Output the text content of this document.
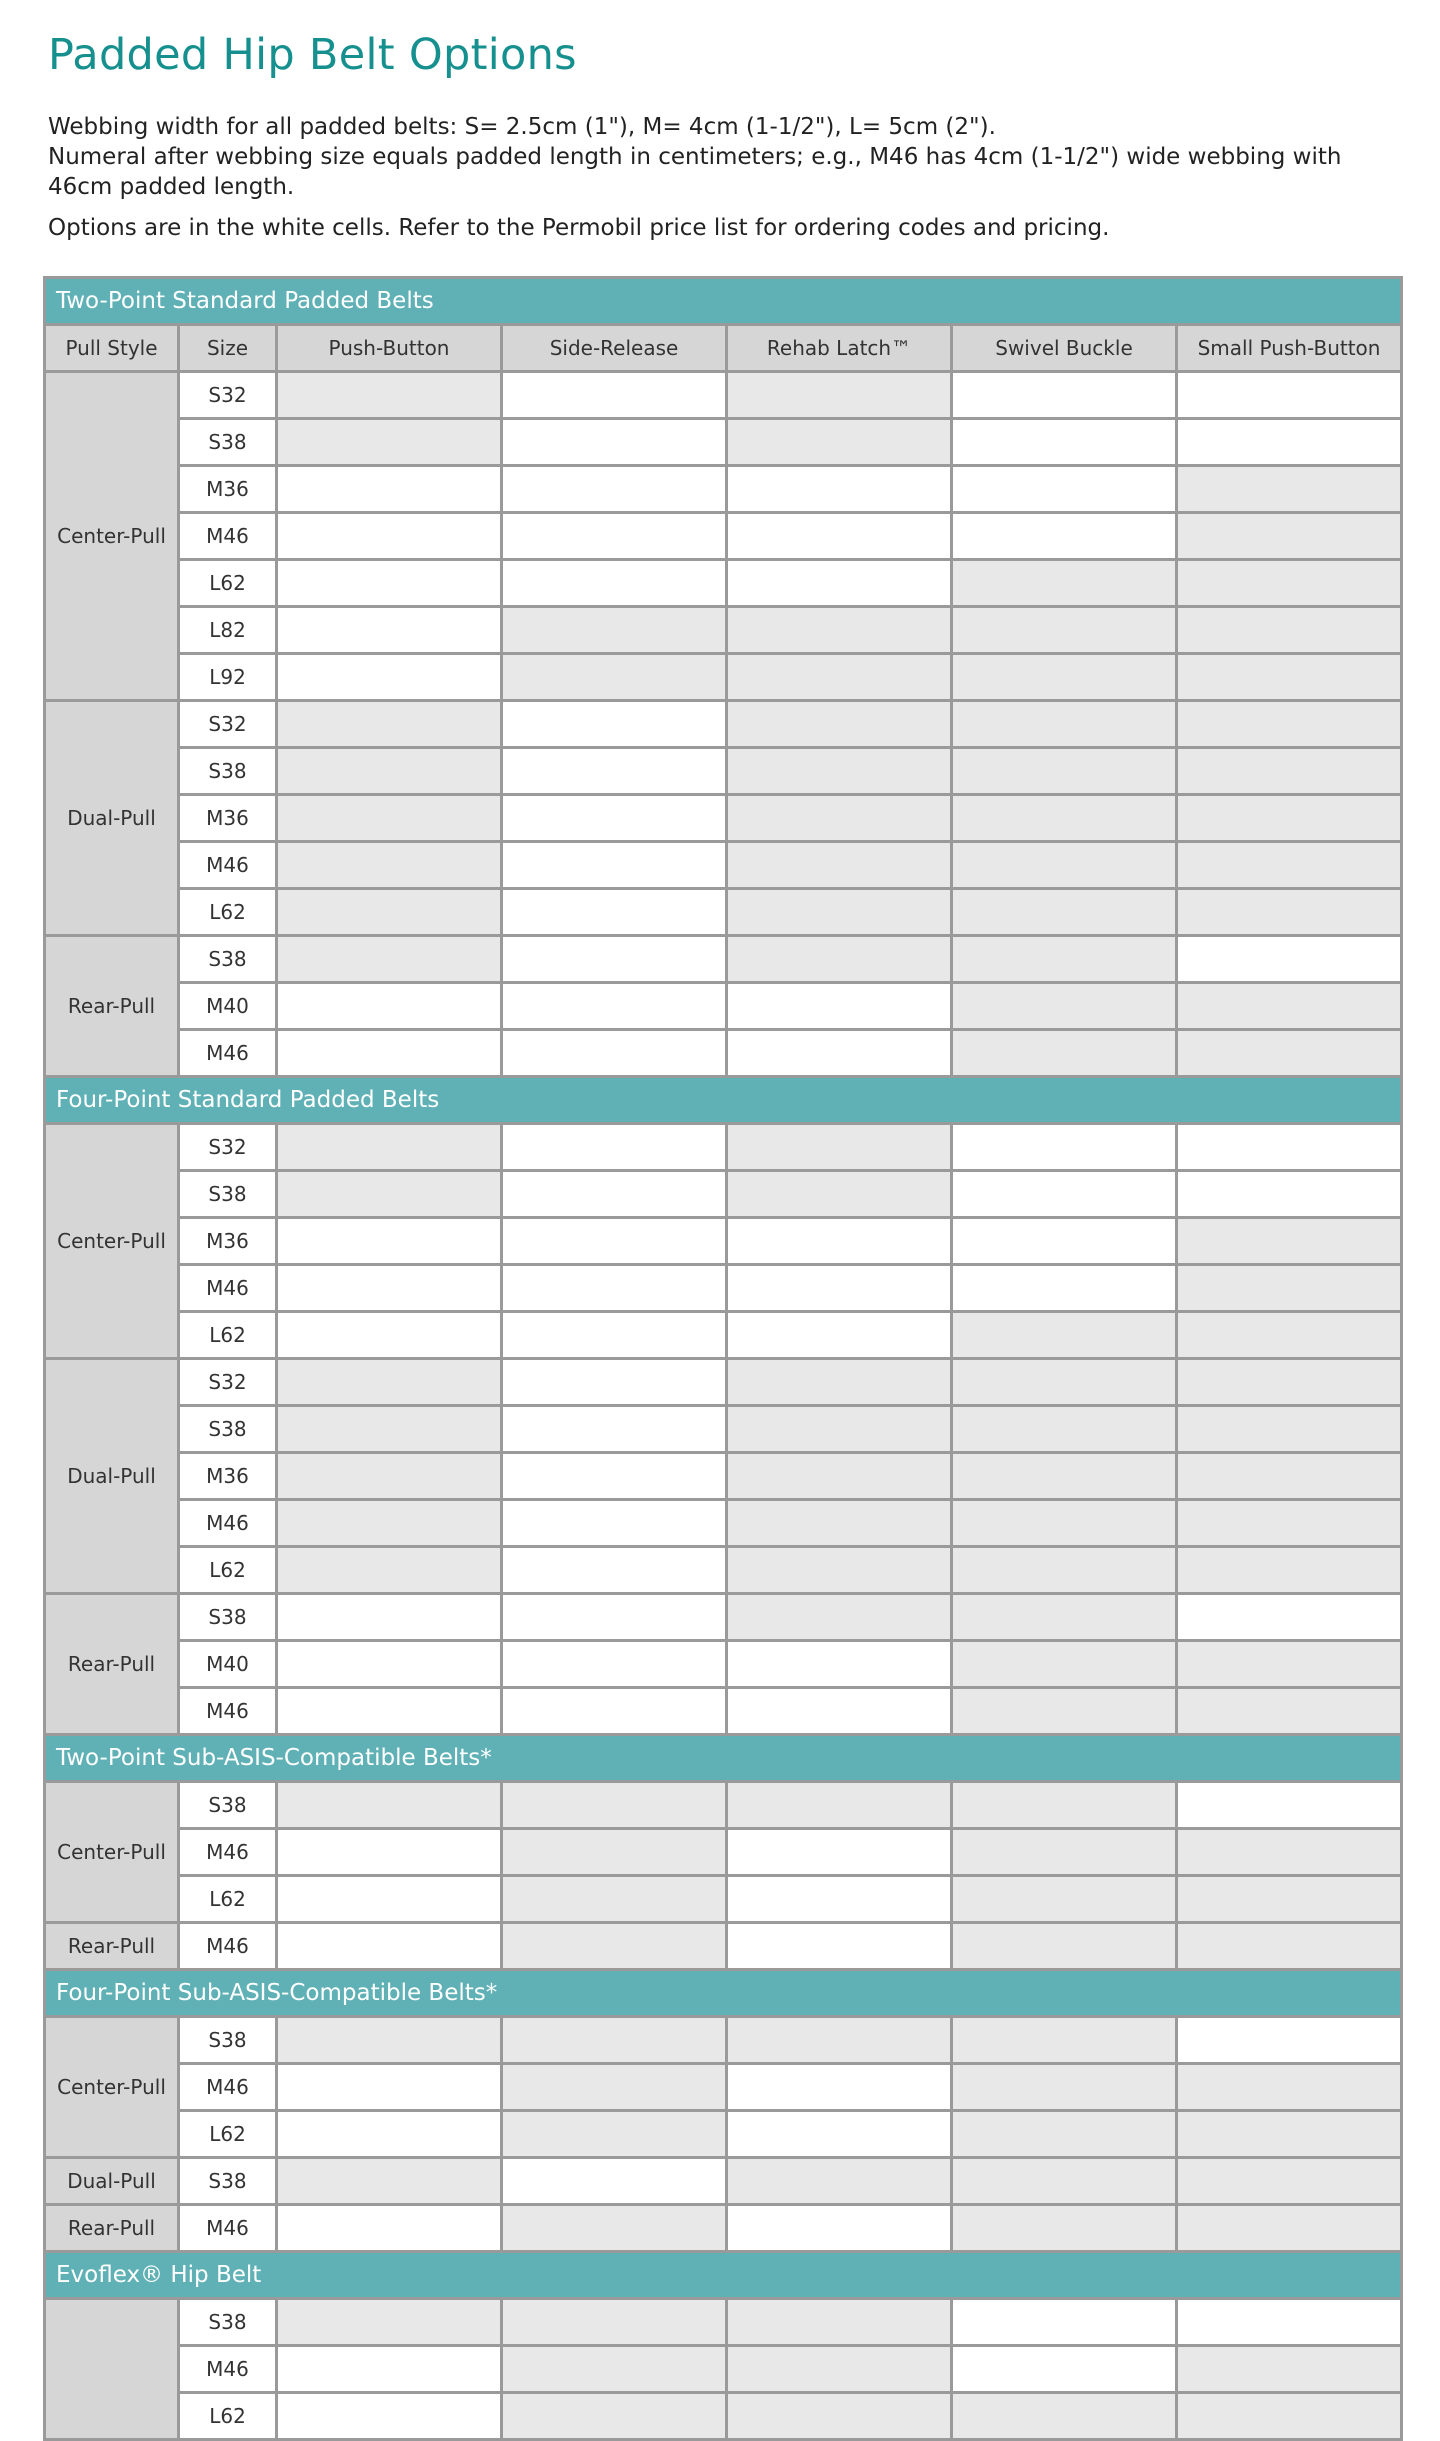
Padded Hip Belt Options

Webbing width for all padded belts: S= 2.5cm (1"), M= 4cm (1-1/2"), L= 5cm (2").

Numeral after webbing size equals padded length in centimeters; e.g., M46 has 4cm (1-1/2") wide webbing with 46cm padded length.

Options are in the white cells. Refer to the Permobil price list for ordering codes and pricing.

Two-Point Standard Padded Belts						
Pull Style	Size	Push-Button	Side-Release	Rehab Latch™	Swivel Buckle	Small Push-Button
Center-Pull	S32					
	S38					
	M36					
	M46					
	L62					
	L82					
	L92					
Dual-Pull	S32					
	S38					
	M36					
	M46					
	L62					
Rear-Pull	S38					
	M40					
	M46					
Four-Point Standard Padded Belts						
Center-Pull	S32					
	S38					
	M36					
	M46					
	L62					
Dual-Pull	S32					
	S38					
	M36					
	M46					
	L62					
Rear-Pull	S38					
	M40					
	M46					
Two-Point Sub-ASIS-Compatible Belts*						
Center-Pull	S38					
	M46					
	L62					
Rear-Pull	M46					
Four-Point Sub-ASIS-Compatible Belts*						
Center-Pull	S38					
	M46					
	L62					
Dual-Pull	S38					
Rear-Pull	M46					
Evoflex® Hip Belt						
	S38					
	M46					
	L62					
